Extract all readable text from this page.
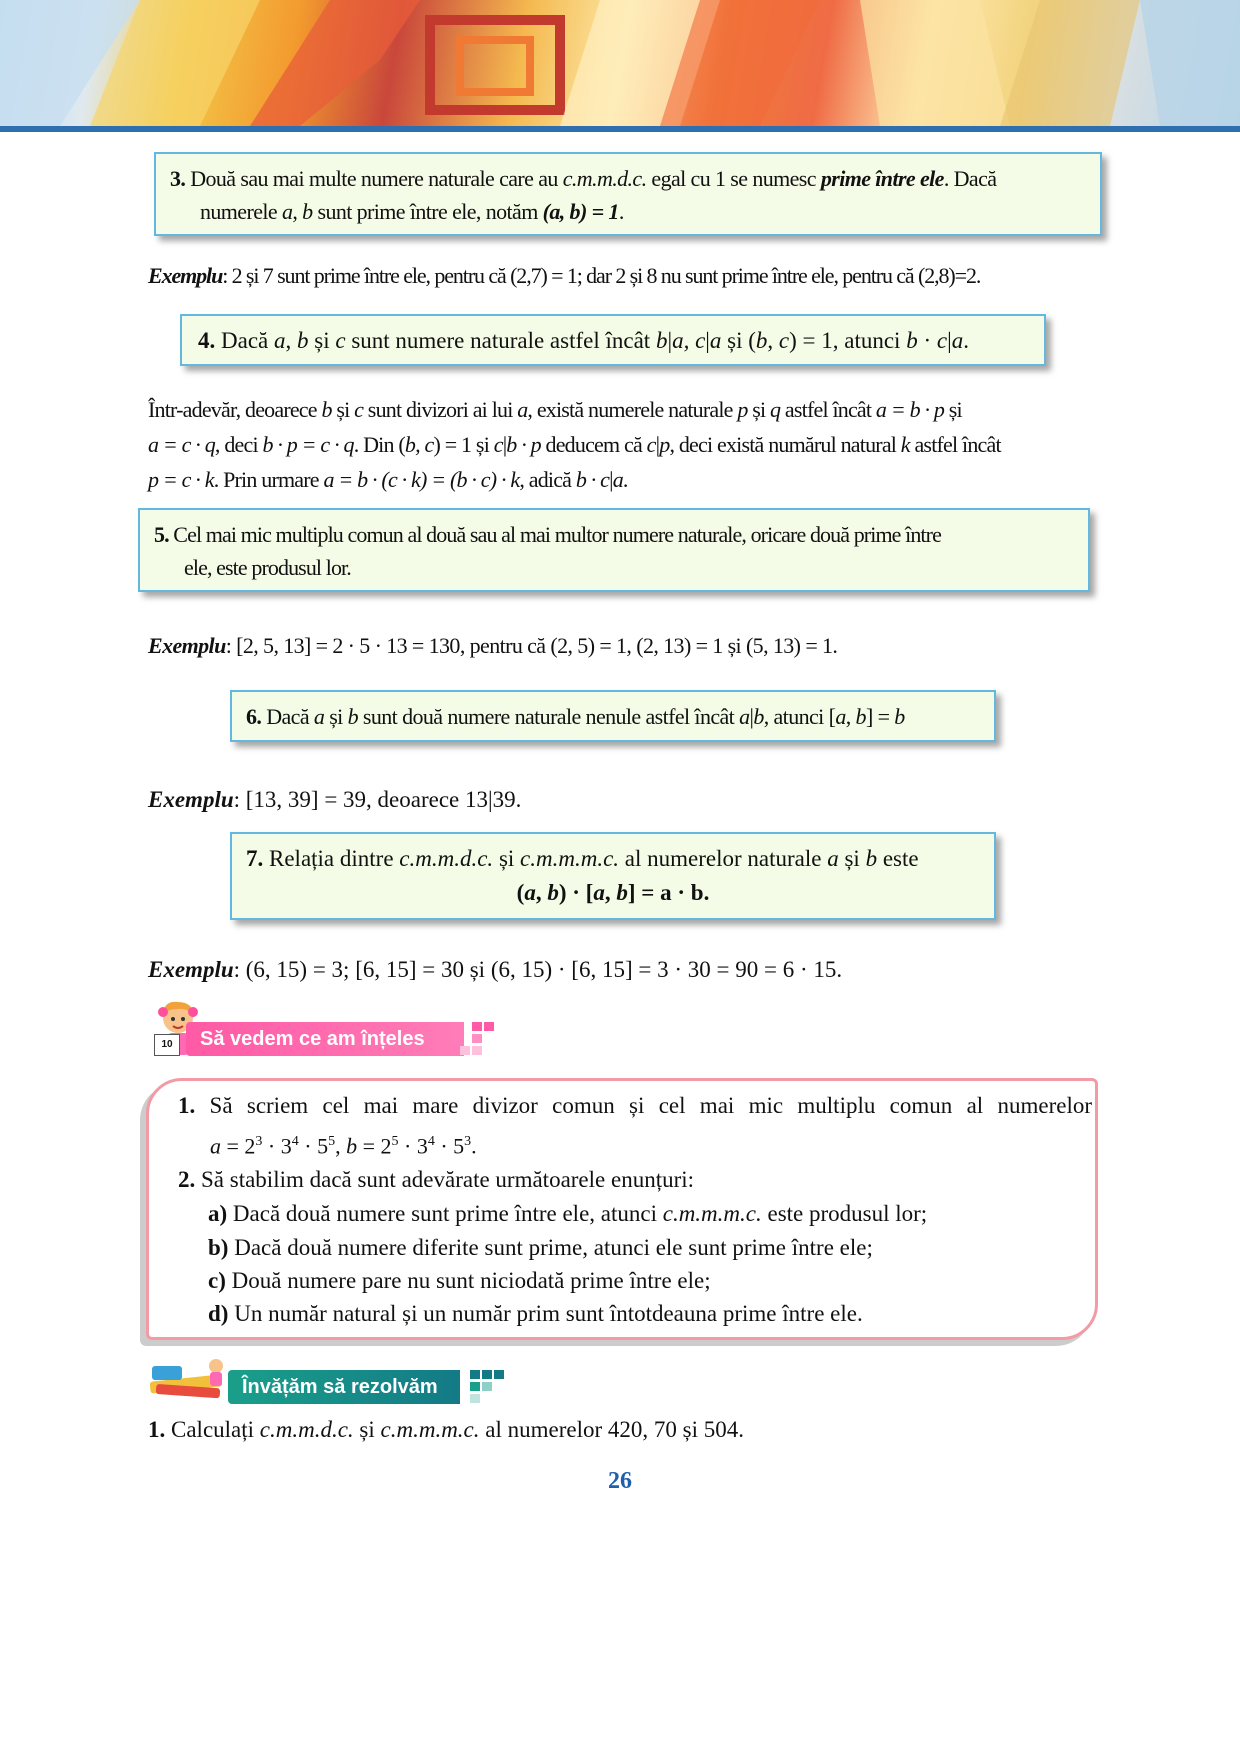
3. Două sau mai multe numere naturale care au c.m.m.d.c. egal cu 1 se numesc prime între ele. Dacă
numerele a, b sunt prime între ele, notăm (a, b) = 1.
Exemplu: 2 și 7 sunt prime între ele, pentru că (2,7) = 1; dar 2 și 8 nu sunt prime între ele, pentru că (2,8)=2.
4. Dacă a, b și c sunt numere naturale astfel încât b|a, c|a și (b, c) = 1, atunci b · c|a.
Într-adevăr, deoarece b și c sunt divizori ai lui a, există numerele naturale p și q astfel încât a = b · p și
a = c · q, deci b · p = c · q. Din (b, c) = 1 și c|b · p deducem că c|p, deci există numărul natural k astfel încât
p = c · k. Prin urmare a = b · (c · k) = (b · c) · k, adică b · c|a.
5. Cel mai mic multiplu comun al două sau al mai multor numere naturale, oricare două prime între
ele, este produsul lor.
Exemplu: [2, 5, 13] = 2 · 5 · 13 = 130, pentru că (2, 5) = 1, (2, 13) = 1 și (5, 13) = 1.
6. Dacă a și b sunt două numere naturale nenule astfel încât a|b, atunci [a, b] = b
Exemplu: [13, 39] = 39, deoarece 13|39.
7. Relația dintre c.m.m.d.c. și c.m.m.m.c. al numerelor naturale a și b este
(a, b) · [a, b] = a · b.
Exemplu: (6, 15) = 3; [6, 15] = 30 și (6, 15) · [6, 15] = 3 · 30 = 90 = 6 · 15.
10	Să vedem ce am înțeles
1. Să scriem cel mai mare divizor comun și cel mai mic multiplu comun al numerelor
$a = 2^3 \cdot 3^4 \cdot 5^5$, $b = 2^5 \cdot 3^4 \cdot 5^3$.
2. Să stabilim dacă sunt adevărate următoarele enunțuri:
a) Dacă două numere sunt prime între ele, atunci c.m.m.m.c. este produsul lor;
b) Dacă două numere diferite sunt prime, atunci ele sunt prime între ele;
c) Două numere pare nu sunt niciodată prime între ele;
d) Un număr natural și un număr prim sunt întotdeauna prime între ele.
Învățăm să rezolvăm
1. Calculați c.m.m.d.c. și c.m.m.m.c. al numerelor 420, 70 și 504.
26
